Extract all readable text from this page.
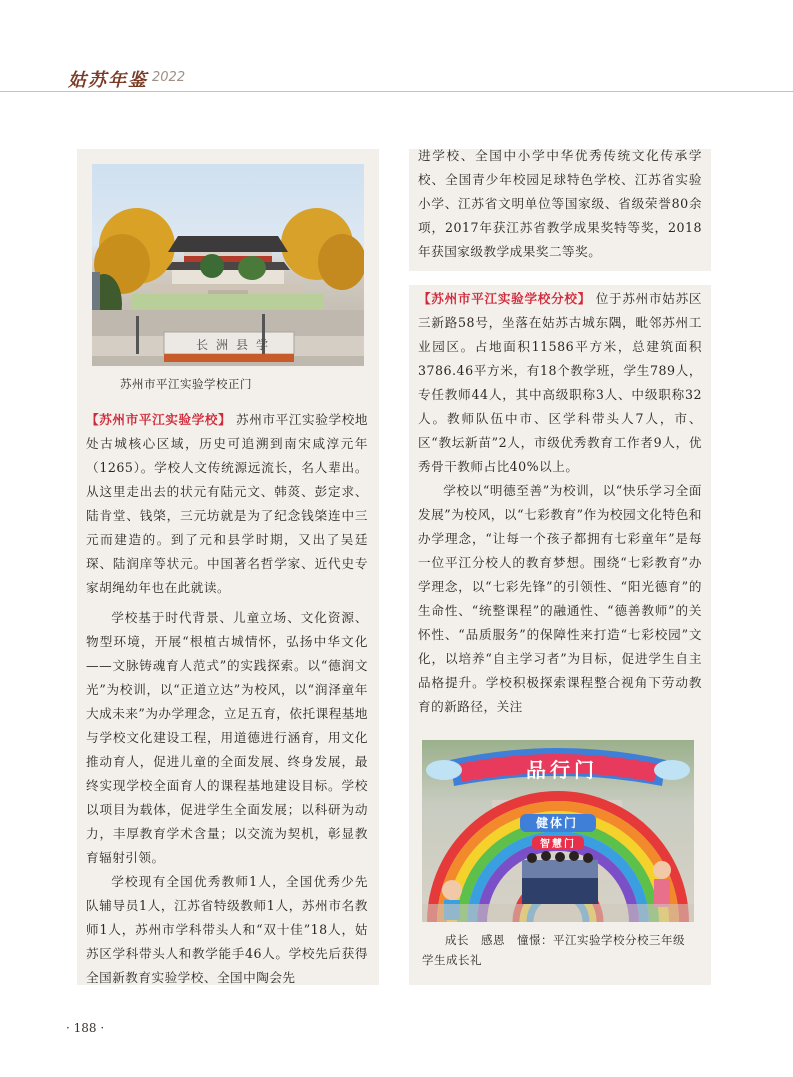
姑苏年鉴 2022
长洲县学
苏州市平江实验学校正门

【苏州市平江实验学校】 苏州市平江实验学校地处古城核心区域，历史可追溯到南宋咸淳元年（1265）。学校人文传统源远流长，名人辈出。从这里走出去的状元有陆元文、韩菼、彭定求、陆肯堂、钱棨，三元坊就是为了纪念钱棨连中三元而建造的。到了元和县学时期，又出了吴廷琛、陆润庠等状元。中国著名哲学家、近代史专家胡绳幼年也在此就读。

学校基于时代背景、儿童立场、文化资源、物型环境，开展“根植古城情怀，弘扬中华文化——文脉铸魂育人范式”的实践探索。以“德润文光”为校训，以“正道立达”为校风，以“润泽童年大成未来”为办学理念，立足五育，依托课程基地与学校文化建设工程，用道德进行涵育，用文化推动育人，促进儿童的全面发展、终身发展，最终实现学校全面育人的课程基地建设目标。学校以项目为载体，促进学生全面发展；以科研为动力，丰厚教育学术含量；以交流为契机，彰显教育辐射引领。

学校现有全国优秀教师1人，全国优秀少先队辅导员1人，江苏省特级教师1人，苏州市名教师1人，苏州市学科带头人和“双十佳”18人，姑苏区学科带头人和教学能手46人。学校先后获得全国新教育实验学校、全国中陶会先

进学校、全国中小学中华优秀传统文化传承学校、全国青少年校园足球特色学校、江苏省实验小学、江苏省文明单位等国家级、省级荣誉80余项，2017年获江苏省教学成果奖特等奖，2018年获国家级教学成果奖二等奖。

【苏州市平江实验学校分校】 位于苏州市姑苏区三新路58号，坐落在姑苏古城东隅，毗邻苏州工业园区。占地面积11586平方米，总建筑面积3786.46平方米，有18个教学班，学生789人，专任教师44人，其中高级职称3人、中级职称32人。教师队伍中市、区学科带头人7人，市、区“教坛新苗”2人，市级优秀教育工作者9人，优秀骨干教师占比40%以上。

学校以“明德至善”为校训，以“快乐学习全面发展”为校风，以“七彩教育”作为校园文化特色和办学理念，“让每一个孩子都拥有七彩童年”是每一位平江分校人的教育梦想。围绕“七彩教育”办学理念，以“七彩先锋”的引领性、“阳光德育”的生命性、“统整课程”的融通性、“德善教师”的关怀性、“品质服务”的保障性来打造“七彩校园”文化，以培养“自主学习者”为目标，促进学生自主品格提升。学校积极探索课程整合视角下劳动教育的新路径，关注

品行门
健体门
智慧门
成长　感恩　憧憬：平江实验学校分校三年级学生成长礼
· 188 ·
